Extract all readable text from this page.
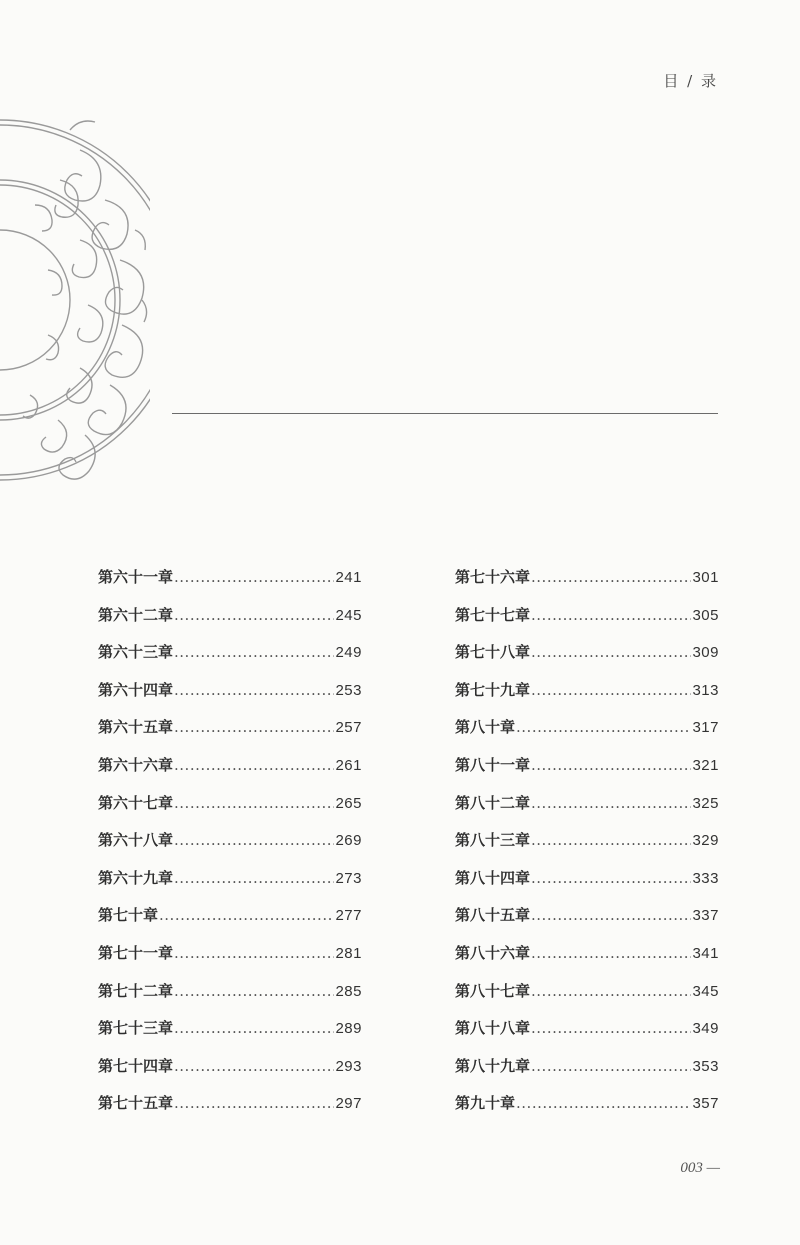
目 / 录
第六十一章 .....	241
第六十二章 .....	245
第六十三章 .....	249
第六十四章 .....	253
第六十五章 .....	257
第六十六章 .....	261
第六十七章 .....	265
第六十八章 .....	269
第六十九章 .....	273
第七十章 .....	277
第七十一章 .....	281
第七十二章 .....	285
第七十三章 .....	289
第七十四章 .....	293
第七十五章 .....	297
第七十六章 .....	301
第七十七章 .....	305
第七十八章 .....	309
第七十九章 .....	313
第八十章 .....	317
第八十一章 .....	321
第八十二章 .....	325
第八十三章 .....	329
第八十四章 .....	333
第八十五章 .....	337
第八十六章 .....	341
第八十七章 .....	345
第八十八章 .....	349
第八十九章 .....	353
第九十章 .....	357
003 —
